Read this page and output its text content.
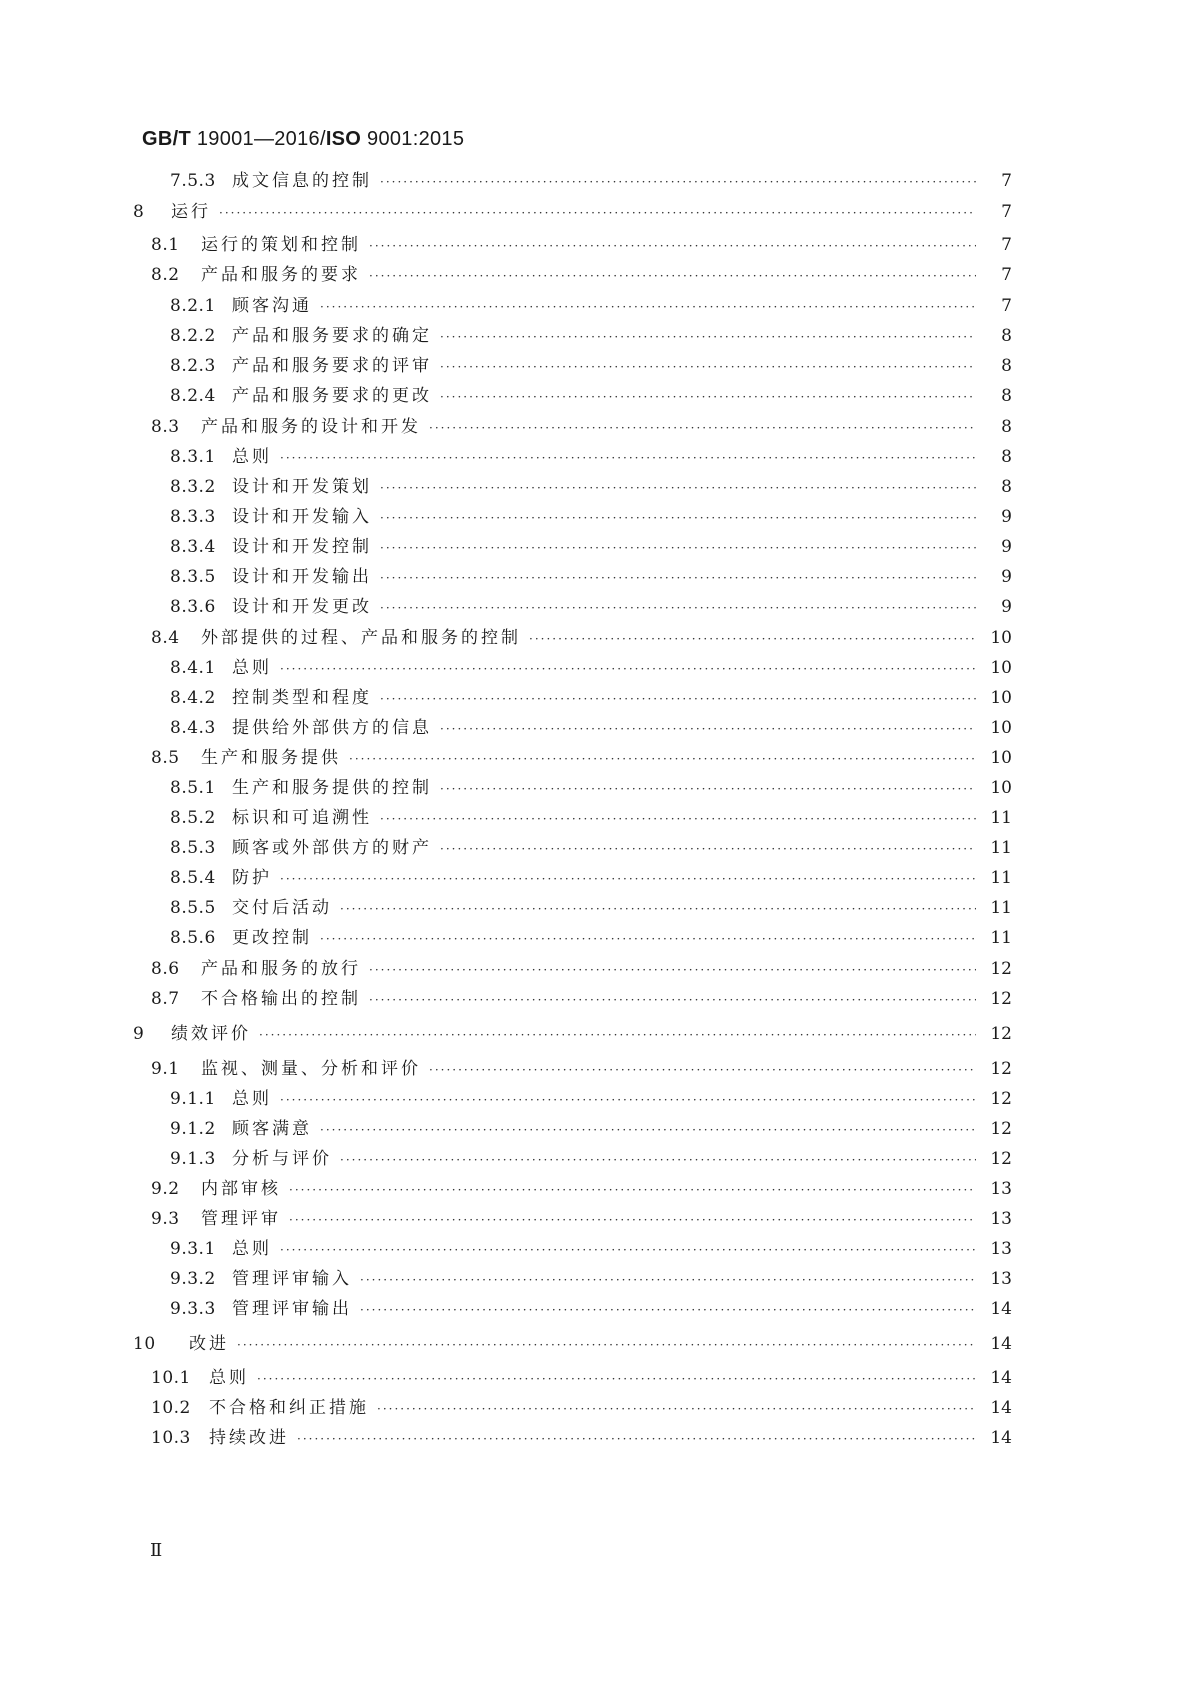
GB/T 19001—2016/ISO 9001:2015
7.5.3 成文信息的控制 ·····	7
8	运行 ·····	7
8.1	运行的策划和控制 ·····	7
8.2	产品和服务的要求 ·····	7
8.2.1 顾客沟通 ·····	7
8.2.2 产品和服务要求的确定 ·····	8
8.2.3 产品和服务要求的评审 ·····	8
8.2.4 产品和服务要求的更改 ·····	8
8.3	产品和服务的设计和开发 ·····	8
8.3.1 总则 ·····	8
8.3.2 设计和开发策划 ·····	8
8.3.3 设计和开发输入 ·····	9
8.3.4 设计和开发控制 ·····	9
8.3.5 设计和开发输出 ·····	9
8.3.6 设计和开发更改 ·····	9
8.4	外部提供的过程、产品和服务的控制 ·····	10
8.4.1 总则 ·····	10
8.4.2 控制类型和程度 ·····	10
8.4.3 提供给外部供方的信息 ·····	10
8.5	生产和服务提供 ·····	10
8.5.1 生产和服务提供的控制 ·····	10
8.5.2 标识和可追溯性 ·····	11
8.5.3 顾客或外部供方的财产 ·····	11
8.5.4 防护 ·····	11
8.5.5 交付后活动 ·····	11
8.5.6 更改控制 ·····	11
8.6	产品和服务的放行 ·····	12
8.7	不合格输出的控制 ·····	12
9	绩效评价 ·····	12
9.1	监视、测量、分析和评价 ·····	12
9.1.1 总则 ·····	12
9.1.2 顾客满意 ·····	12
9.1.3 分析与评价 ·····	12
9.2	内部审核 ·····	13
9.3	管理评审 ·····	13
9.3.1 总则 ·····	13
9.3.2 管理评审输入 ·····	13
9.3.3 管理评审输出 ·····	14
10	改进 ·····	14
10.1	总则 ·····	14
10.2	不合格和纠正措施 ·····	14
10.3	持续改进 ·····	14
Ⅱ
